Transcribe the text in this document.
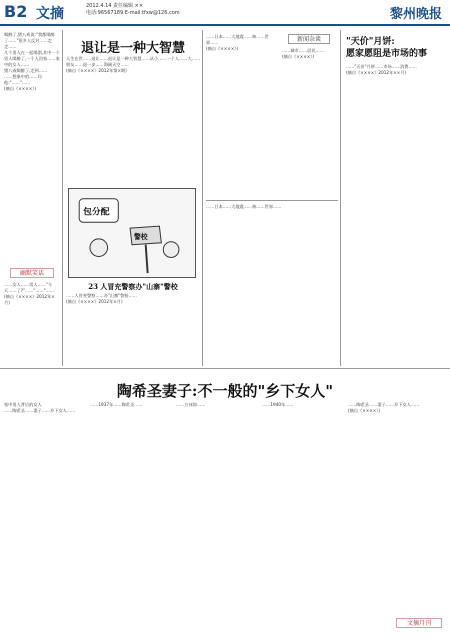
B2 文摘	2012.4.14 责任编辑 ××
电话:96567189 E-mail:tfxw@126.com	黎州晚报
喝醉了,猪八戒说:"我都喝醉了……"很多人反对……走走……
几个男人在一起喝酒,其中一个男人喝醉了,一个人回家……家中的女人……
猪八戒喝醉了,走到……
……想象中的……问他:"……"……
(摘自《××××》)
幽默笑话
……女人……男人……"今天……了?"……"……"……
(摘自《××××》2012年×月)
退让是一种大智慧
人生在世……退让……退让是一种大智慧……从小……一个人……大……朋友……退一步……海阔天空……
(摘自《××××》2012年第×期)
包分配
警校
23 人冒充警察办"山寨"警校
……人冒充警察……办"山寨"警校……
(摘自《××××》2012年×月)
……日本……大地震……核……世界……
(摘自《××××》)
新闻杂谈
……城市……居民……
(摘自《××××》)
……日本……大地震……核……世界……
"天价"月饼:
愿家愿阻是市场的事
……"天价"月饼……市场……消费……
(摘自《××××》2012年××月)
陶希圣妻子:不一般的"乡下女人"
家中男人背后的女人
……陶希圣……妻子……乡下女人……
……1937年……陶希圣……	……万冰如……	……1940年……	……陶希圣……妻子……乡下女人……
(摘自《××××》)
文摘月刊
